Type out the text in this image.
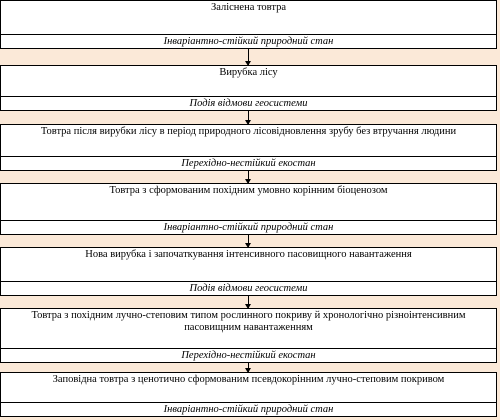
Заліснена товтра
Інваріантно-стійкий природний стан
Вирубка лісу
Подія відмови геосистеми
Товтра після вирубки лісу в період природного лісовідновлення зрубу без втручання людини
Перехідно-нестійкий екостан
Товтра з сформованим похідним умовно корінним біоценозом
Інваріантно-стійкий природний стан
Нова вирубка і започаткування інтенсивного пасовищного навантаження
Подія відмови геосистеми
Товтра з похідним лучно-степовим типом рослинного покриву й хронологічно різноінтенсивним пасовищним навантаженням
Перехідно-нестійкий екостан
Заповідна товтра з ценотично сформованим псевдокорінним лучно-степовим покривом
Інваріантно-стійкий природний стан
